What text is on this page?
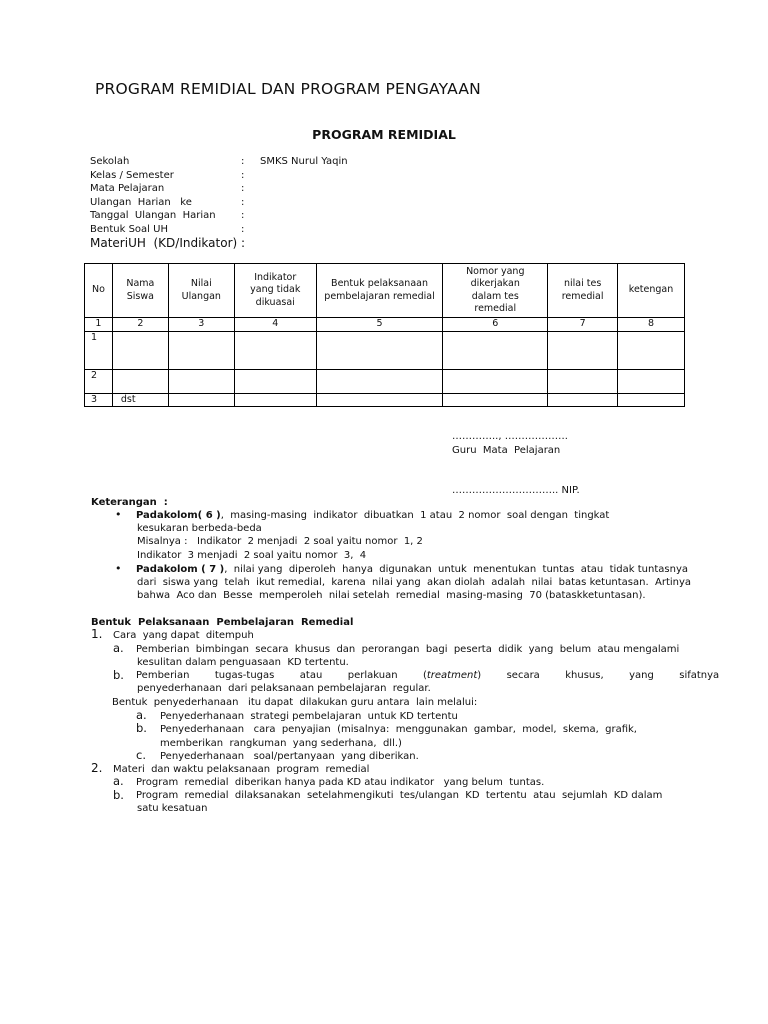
PROGRAM REMIDIAL DAN PROGRAM PENGAYAAN
PROGRAM REMIDIAL
Sekolah	: SMKS Nurul Yaqin
Kelas / Semester	:
Mata Pelajaran	:
Ulangan  Harian   ke	:
Tanggal  Ulangan  Harian	:
Bentuk Soal UH	:
MateriUH  (KD/Indikator) :
No	Nama Siswa	Nilai Ulangan	Indikator yang tidak dikuasai	Bentuk pelaksanaan pembelajaran remedial	Nomor yang dikerjakan dalam tes remedial	nilai tes remedial	ketengan
1	2	3	4	5	6	7	8
1							
2							
3	dst						
………….., ……………….
Guru  Mata  Pelajaran
………………………….. NIP.
Keterangan  :
• Padakolom( 6 ),  masing-masing  indikator  dibuatkan  1 atau  2 nomor  soal dengan  tingkat
kesukaran berbeda-beda
Misalnya :   Indikator  2 menjadi  2 soal yaitu nomor  1, 2
Indikator  3 menjadi  2 soal yaitu nomor  3,  4
• Padakolom ( 7 ),  nilai yang  diperoleh  hanya  digunakan  untuk  menentukan  tuntas  atau  tidak tuntasnya
dari  siswa yang  telah  ikut remedial,  karena  nilai yang  akan diolah  adalah  nilai  batas ketuntasan.  Artinya
bahwa  Aco dan  Besse  memperoleh  nilai setelah  remedial  masing-masing  70 (bataskketuntasan).
Bentuk  Pelaksanaan  Pembelajaran  Remedial
1. Cara  yang dapat  ditempuh
a. Pemberian  bimbingan  secara  khusus  dan  perorangan  bagi  peserta  didik  yang  belum  atau mengalami
kesulitan dalam penguasaan  KD tertentu.
b. Pemberian        tugas-tugas        atau        perlakuan        (treatment)        secara        khusus,        yang        sifatnya
penyederhanaan  dari pelaksanaan pembelajaran  regular.
Bentuk  penyederhanaan   itu dapat  dilakukan guru antara  lain melalui:
a. Penyederhanaan  strategi pembelajaran  untuk KD tertentu
b. Penyederhanaan   cara  penyajian  (misalnya:  menggunakan  gambar,  model,  skema,  grafik,
memberikan  rangkuman  yang sederhana,  dll.)
c. Penyederhanaan   soal/pertanyaan  yang diberikan.
2. Materi  dan waktu pelaksanaan  program  remedial
a. Program  remedial  diberikan hanya pada KD atau indikator   yang belum  tuntas.
b. Program  remedial  dilaksanakan  setelahmengikuti  tes/ulangan  KD  tertentu  atau  sejumlah  KD dalam
satu kesatuan
